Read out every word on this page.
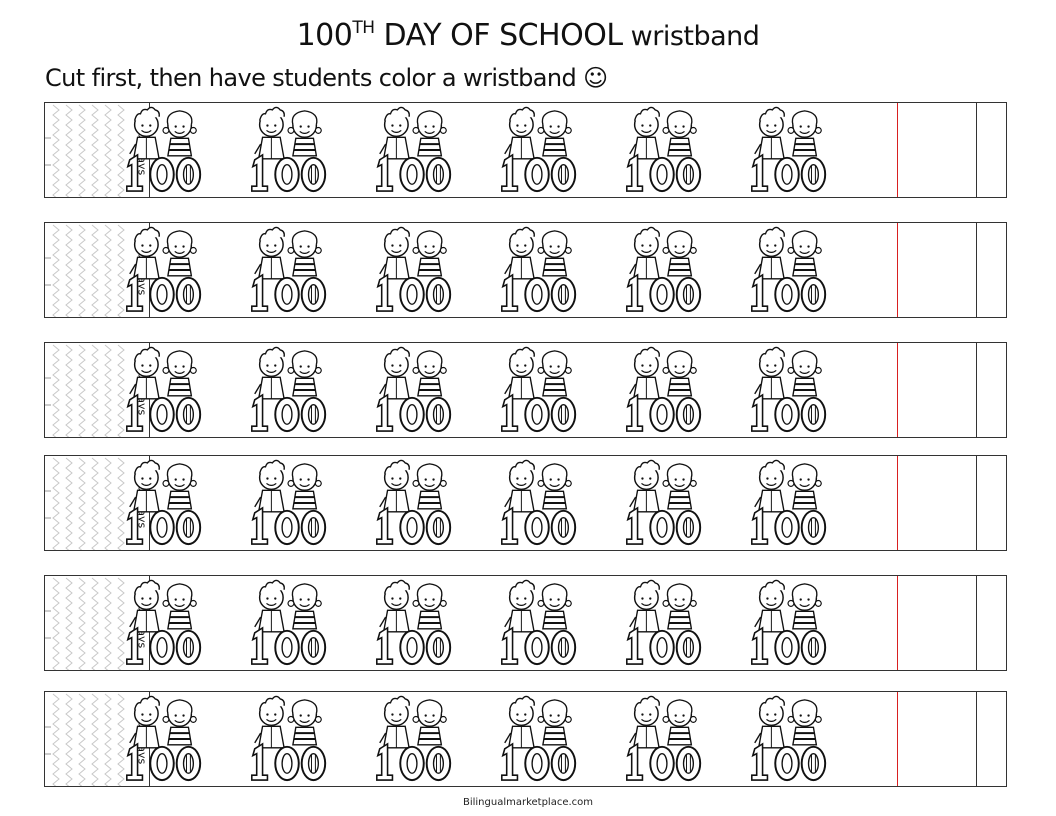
100TH DAY OF SCHOOL wristband
Cut first, then have students color a wristband ☺
Bilingualmarketplace.com
